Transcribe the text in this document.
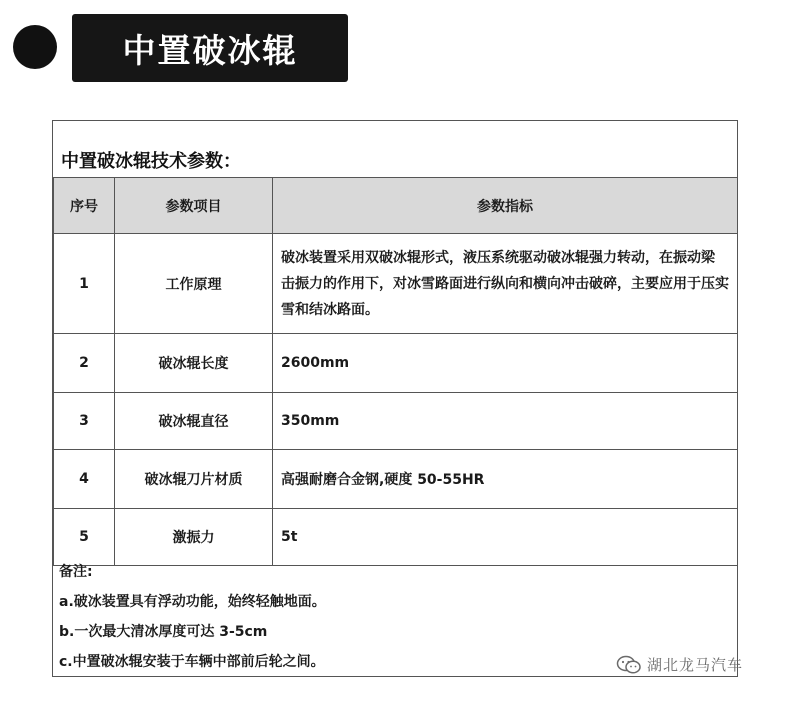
中置破冰辊
中置破冰辊技术参数：
序号	参数项目	参数指标
1	工作原理	破冰装置采用双破冰辊形式，液压系统驱动破冰辊强力转动，在振动梁 击振力的作用下，对冰雪路面进行纵向和横向冲击破碎，主要应用于压实雪和结冰路面。
2	破冰辊长度	2600mm
3	破冰辊直径	350mm
4	破冰辊刀片材质	高强耐磨合金钢,硬度 50-55HR
5	激振力	5t
备注:
a.破冰装置具有浮动功能，始终轻触地面。
b.一次最大清冰厚度可达 3-5cm
c.中置破冰辊安装于车辆中部前后轮之间。	湖北龙马汽车
